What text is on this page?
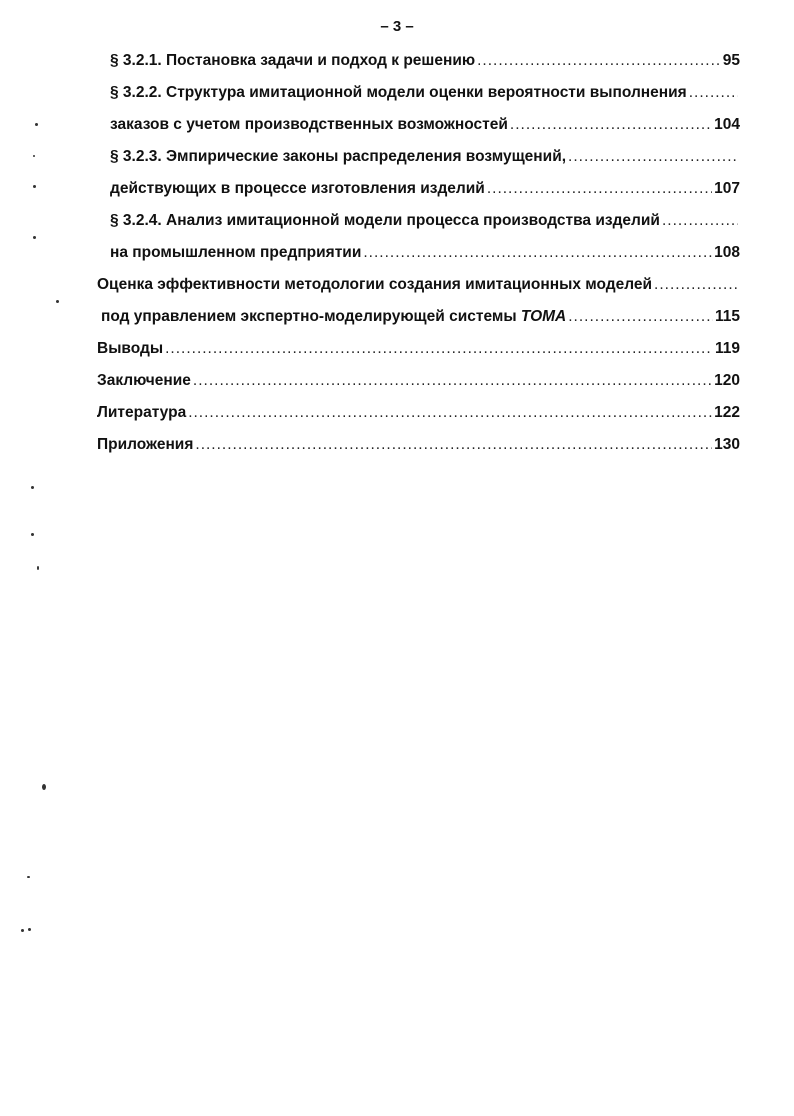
– 3 –
§ 3.2.1. Постановка задачи и подход к решению .....	95
§ 3.2.2. Структура имитационной модели оценки вероятности выполнения
.....
заказов с учетом производственных возможностей .....	104
§ 3.2.3. Эмпирические законы распределения возмущений,
.....
действующих в процессе изготовления изделий .....	107
§ 3.2.4. Анализ имитационной модели процесса производства изделий
.....
на промышленном предприятии .....	108
Оценка эффективности методологии создания имитационных моделей
.....
под управлением экспертно-моделирующей системы TOMA .....	115
Выводы .....	119
Заключение .....	120
Литература .....	122
Приложения .....	130
